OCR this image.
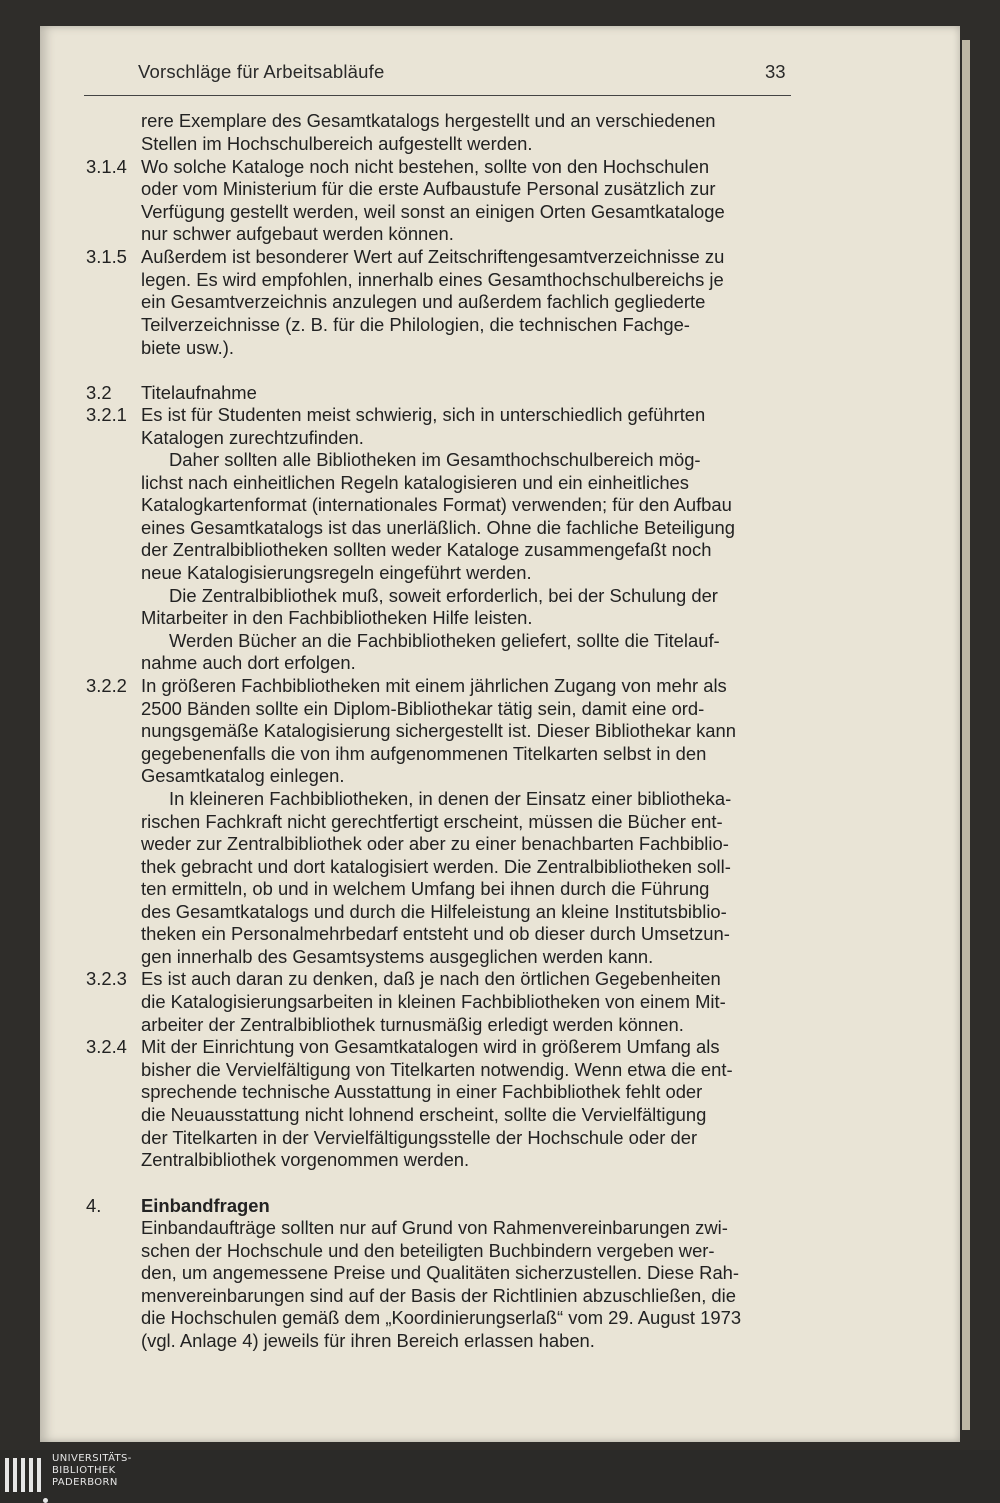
Vorschläge für Arbeitsabläufe	33
rere Exemplare des Gesamtkatalogs hergestellt und an verschiedenen
Stellen im Hochschulbereich aufgestellt werden.
3.1.4 Wo solche Kataloge noch nicht bestehen, sollte von den Hochschulen
oder vom Ministerium für die erste Aufbaustufe Personal zusätzlich zur
Verfügung gestellt werden, weil sonst an einigen Orten Gesamtkataloge
nur schwer aufgebaut werden können.
3.1.5 Außerdem ist besonderer Wert auf Zeitschriftengesamtverzeichnisse zu
legen. Es wird empfohlen, innerhalb eines Gesamthochschulbereichs je
ein Gesamtverzeichnis anzulegen und außerdem fachlich gegliederte
Teilverzeichnisse (z. B. für die Philologien, die technischen Fachge-
biete usw.).
3.2 Titelaufnahme
3.2.1 Es ist für Studenten meist schwierig, sich in unterschiedlich geführten
Katalogen zurechtzufinden.
Daher sollten alle Bibliotheken im Gesamthochschulbereich mög-
lichst nach einheitlichen Regeln katalogisieren und ein einheitliches
Katalogkartenformat (internationales Format) verwenden; für den Aufbau
eines Gesamtkatalogs ist das unerläßlich. Ohne die fachliche Beteiligung
der Zentralbibliotheken sollten weder Kataloge zusammengefaßt noch
neue Katalogisierungsregeln eingeführt werden.
Die Zentralbibliothek muß, soweit erforderlich, bei der Schulung der
Mitarbeiter in den Fachbibliotheken Hilfe leisten.
Werden Bücher an die Fachbibliotheken geliefert, sollte die Titelauf-
nahme auch dort erfolgen.
3.2.2 In größeren Fachbibliotheken mit einem jährlichen Zugang von mehr als
2500 Bänden sollte ein Diplom-Bibliothekar tätig sein, damit eine ord-
nungsgemäße Katalogisierung sichergestellt ist. Dieser Bibliothekar kann
gegebenenfalls die von ihm aufgenommenen Titelkarten selbst in den
Gesamtkatalog einlegen.
In kleineren Fachbibliotheken, in denen der Einsatz einer bibliotheka-
rischen Fachkraft nicht gerechtfertigt erscheint, müssen die Bücher ent-
weder zur Zentralbibliothek oder aber zu einer benachbarten Fachbiblio-
thek gebracht und dort katalogisiert werden. Die Zentralbibliotheken soll-
ten ermitteln, ob und in welchem Umfang bei ihnen durch die Führung
des Gesamtkatalogs und durch die Hilfeleistung an kleine Institutsbiblio-
theken ein Personalmehrbedarf entsteht und ob dieser durch Umsetzun-
gen innerhalb des Gesamtsystems ausgeglichen werden kann.
3.2.3 Es ist auch daran zu denken, daß je nach den örtlichen Gegebenheiten
die Katalogisierungsarbeiten in kleinen Fachbibliotheken von einem Mit-
arbeiter der Zentralbibliothek turnusmäßig erledigt werden können.
3.2.4 Mit der Einrichtung von Gesamtkatalogen wird in größerem Umfang als
bisher die Vervielfältigung von Titelkarten notwendig. Wenn etwa die ent-
sprechende technische Ausstattung in einer Fachbibliothek fehlt oder
die Neuausstattung nicht lohnend erscheint, sollte die Vervielfältigung
der Titelkarten in der Vervielfältigungsstelle der Hochschule oder der
Zentralbibliothek vorgenommen werden.
4. Einbandfragen
Einbandaufträge sollten nur auf Grund von Rahmenvereinbarungen zwi-
schen der Hochschule und den beteiligten Buchbindern vergeben wer-
den, um angemessene Preise und Qualitäten sicherzustellen. Diese Rah-
menvereinbarungen sind auf der Basis der Richtlinien abzuschließen, die
die Hochschulen gemäß dem „Koordinierungserlaß“ vom 29. August 1973
(vgl. Anlage 4) jeweils für ihren Bereich erlassen haben.
UNIVERSITÄTS-
BIBLIOTHEK
PADERBORN
